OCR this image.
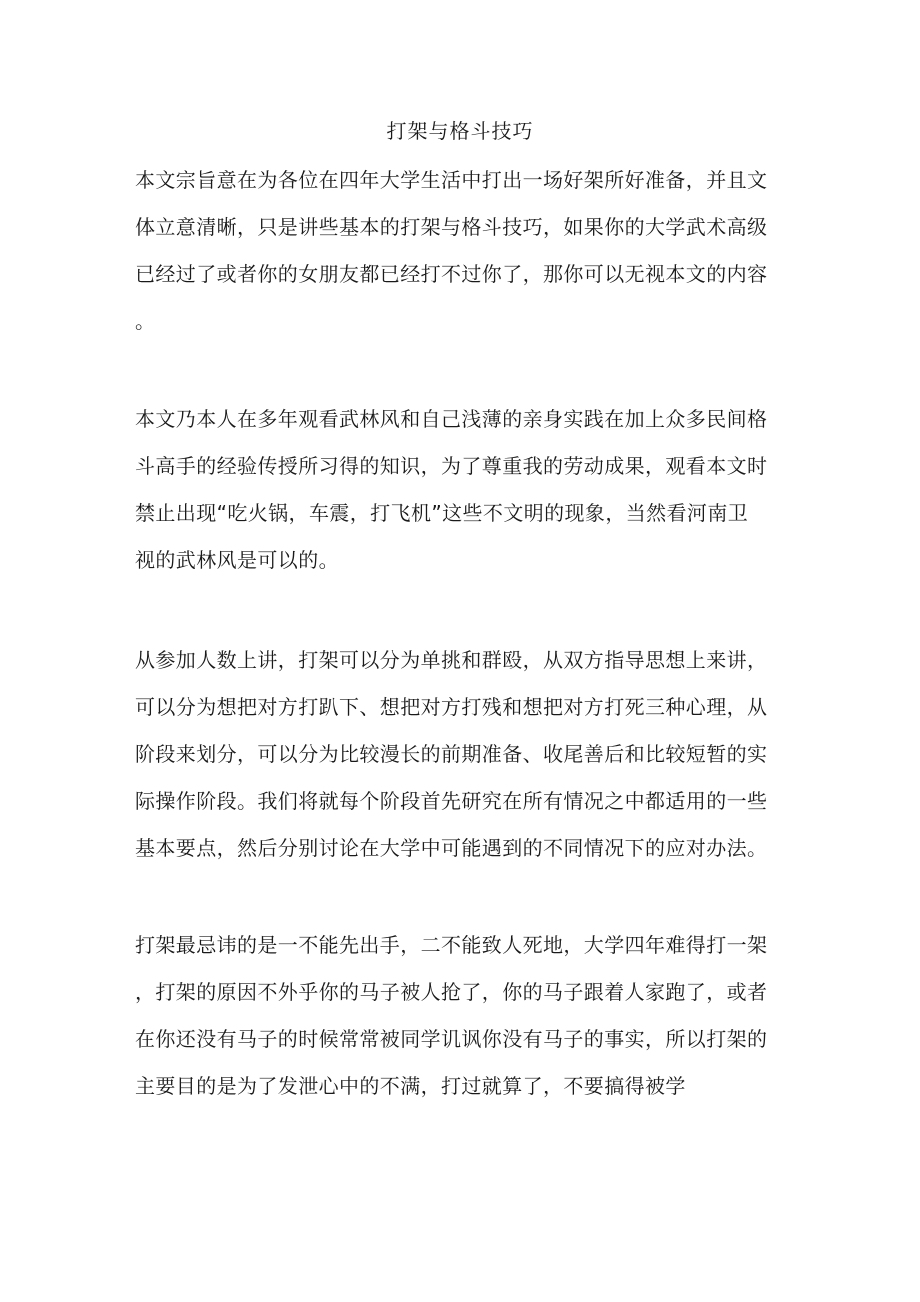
打架与格斗技巧
本文宗旨意在为各位在四年大学生活中打出一场好架所好准备，并且文
体立意清晰，只是讲些基本的打架与格斗技巧，如果你的大学武术高级
已经过了或者你的女朋友都已经打不过你了，那你可以无视本文的内容
。
本文乃本人在多年观看武林风和自己浅薄的亲身实践在加上众多民间格
斗高手的经验传授所习得的知识，为了尊重我的劳动成果，观看本文时
禁止出现“吃火锅，车震，打飞机”这些不文明的现象，当然看河南卫
视的武林风是可以的。
从参加人数上讲，打架可以分为单挑和群殴，从双方指导思想上来讲，
可以分为想把对方打趴下、想把对方打残和想把对方打死三种心理，从
阶段来划分，可以分为比较漫长的前期准备、收尾善后和比较短暂的实
际操作阶段。我们将就每个阶段首先研究在所有情况之中都适用的一些
基本要点，然后分别讨论在大学中可能遇到的不同情况下的应对办法。
打架最忌讳的是一不能先出手，二不能致人死地，大学四年难得打一架
，打架的原因不外乎你的马子被人抢了，你的马子跟着人家跑了，或者
在你还没有马子的时候常常被同学讥讽你没有马子的事实，所以打架的
主要目的是为了发泄心中的不满，打过就算了，不要搞得被学
